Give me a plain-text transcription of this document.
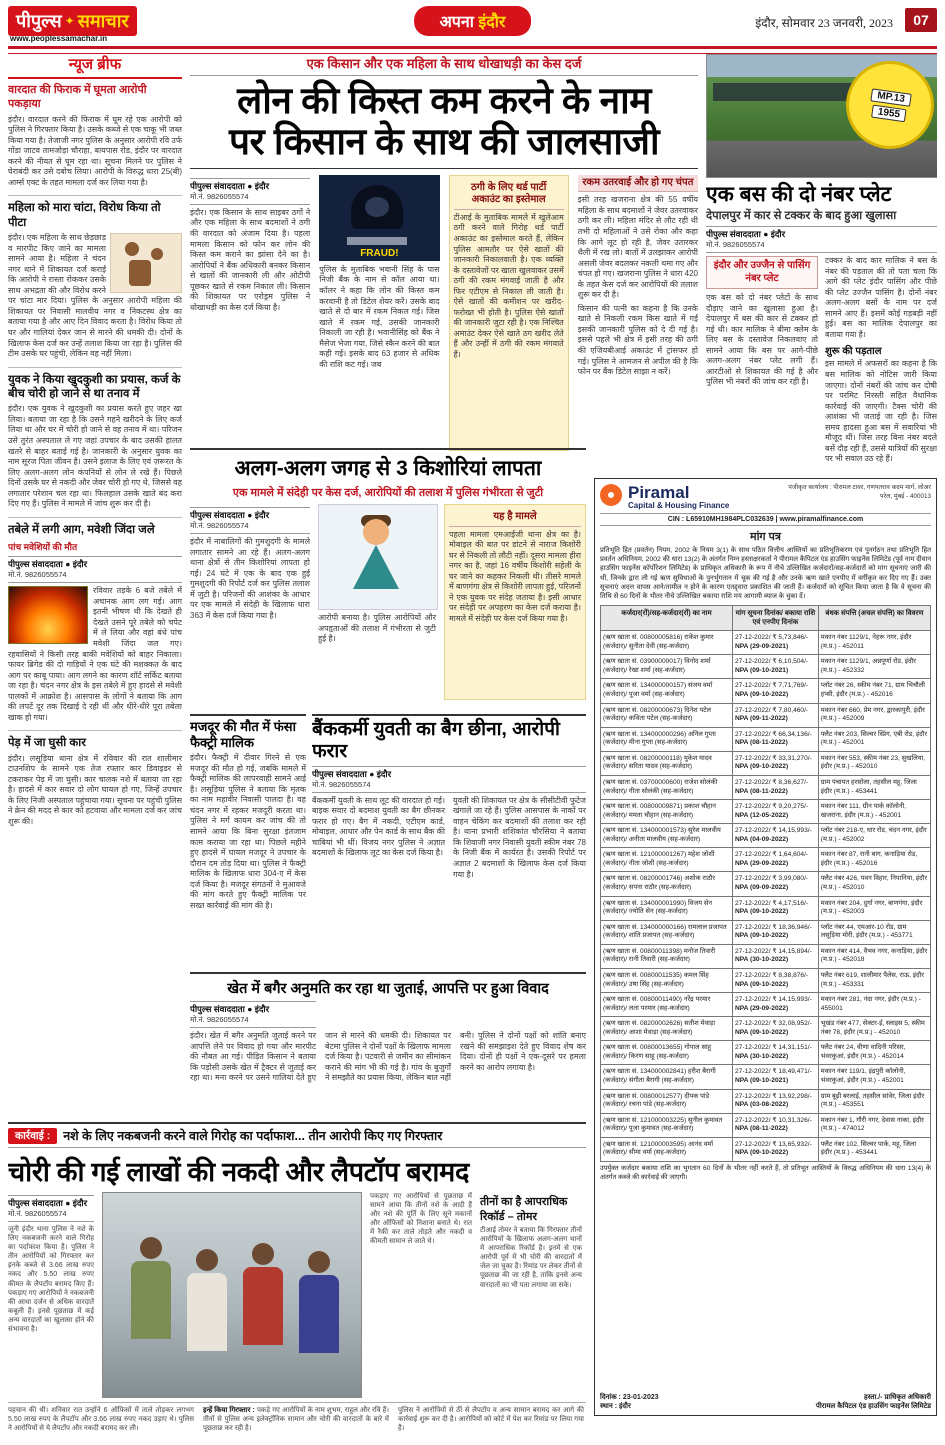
पीपुल्स ✦ समाचार
www.peoplessamachar.in
अपना इंदौर	इंदौर, सोमवार 23 जनवरी, 2023	07
न्यूज ब्रीफ
वारदात की फिराक में घूमता आरोपी पकड़ाया
इंदौर। वारदात करने की फिराक में घूम रहे एक आरोपी को पुलिस ने गिरफ्तार किया है। उसके कब्जे से एक चाकू भी जब्त किया गया है। तेजाजी नगर पुलिस के अनुसार आरोपी रवि उर्फ गोंडा जाटव तामजोड़ा चौराहा, बायपास रोड, इंदौर पर वारदात करने की नीयत से घूम रहा था। सूचना मिलने पर पुलिस ने घेराबंदी कर उसे दबोच लिया। आरोपी के विरुद्ध धारा 25(बी) आर्म्स एक्ट के तहत मामला दर्ज कर लिया गया है।
महिला को मारा चांटा, विरोध किया तो पीटा
इंदौर। एक महिला के साथ छेड़छाड़ व मारपीट किए जाने का मामला सामने आया है। महिला ने चंदन नगर थाने में शिकायत दर्ज कराई कि आरोपी ने रास्ता रोककर उसके साथ अभद्रता की और विरोध करने पर चांटा मार दिया। पुलिस के अनुसार आरोपी महिला की शिकायत पर निवासी मालवीय नगर व निकटस्थ क्षेत्र का बताया गया है और आए दिन विवाद करता है। विरोध किया तो घर और गालियां देकर जान से मारने की धमकी दी। दोनों के खिलाफ केस दर्ज कर उन्हें तलाश किया जा रहा है। पुलिस की टीम उसके घर पहुंची, लेकिन वह नहीं मिला।
युवक ने किया खुदकुशी का प्रयास, कर्ज के बीच चोरी हो जाने से था तनाव में
इंदौर। एक युवक ने खुदकुशी का प्रयास करते हुए जहर खा लिया। बताया जा रहा है कि उसने गहने खरीदने के लिए कर्ज लिया था और घर में चोरी हो जाने से वह तनाव में था। परिजन उसे तुरंत अस्पताल ले गए जहां उपचार के बाद उसकी हालत खतरे से बाहर बताई गई है। जानकारी के अनुसार युवक का नाम सूरज पिता जीवन है। उसने इलाज के लिए एवं ज़रूरत के लिए अलग-अलग लोन कंपनियों से लोन ले रखे हैं। पिछले दिनों उसके घर से नकदी और जेवर चोरी हो गए थे, जिससे वह लगातार परेशान चल रहा था। फिलहाल उसके खाते बंद करा दिए गए हैं। पुलिस ने मामले में जांच शुरू कर दी है।
तबेले में लगी आग, मवेशी जिंदा जले
पांच मवेशियों की मौत
पीपुल्स संवाददाता ● इंदौर
मो.नं. 9826055574
रविवार तड़के 6 बजे तबेले में अचानक आग लग गई। आग इतनी भीषण थी कि देखते ही देखते उसने पूरे तबेले को चपेट में ले लिया और वहां बंधे पांच मवेशी जिंदा जल गए। रहवासियों ने किसी तरह बाकी मवेशियों को बाहर निकाला। फायर ब्रिगेड की दो गाड़ियों ने एक घंटे की मशक्कत के बाद आग पर काबू पाया। आग लगने का कारण शॉर्ट सर्किट बताया जा रहा है। चंदन नगर क्षेत्र के इस तबेले में हुए हादसे से मवेशी पालकों में आक्रोश है। आसपास के लोगों ने बताया कि आग की लपटें दूर तक दिखाई दे रही थीं और धीरे-धीरे पूरा तबेला खाक हो गया।
पेड़ में जा घुसी कार
इंदौर। लसूड़िया थाना क्षेत्र में रविवार की रात शालीमार टाउनशिप के सामने एक तेज रफ्तार कार डिवाइडर से टकराकर पेड़ में जा घुसी। कार चालक नशे में बताया जा रहा है। हादसे में कार सवार दो लोग घायल हो गए, जिन्हें उपचार के लिए निजी अस्पताल पहुंचाया गया। सूचना पर पहुंची पुलिस ने क्रेन की मदद से कार को हटवाया और मामला दर्ज कर जांच शुरू की।
एक किसान और एक महिला के साथ धोखाधड़ी का केस दर्ज
लोन की किस्त कम करने के नाम
पर किसान के साथ की जालसाजी
पीपुल्स संवाददाता ● इंदौर
मो.नं. 9826055574
इंदौर। एक किसान के साथ साइबर ठगों ने और एक महिला के साथ बदमाशों ने ठगी की वारदात को अंजाम दिया है। पहला मामला किसान को फोन कर लोन की किस्त कम कराने का झांसा देने का है। आरोपियों ने बैंक अधिकारी बनकर किसान से खातों की जानकारी ली और ओटीपी पूछकर खाते से रकम निकाल ली। किसान की शिकायत पर एरोड्रम पुलिस ने धोखाधड़ी का केस दर्ज किया है।
FRAUD!
पुलिस के मुताबिक भवानी सिंह के पास निजी बैंक के नाम से कॉल आया था। कॉलर ने कहा कि लोन की किस्त कम करवानी है तो डिटेल शेयर करें। उसके बाद खाते से दो बार में रकम निकल गई। जिस खाते में रकम गई, उसकी जानकारी निकाली जा रही है। भवानीसिंह को बैंक ने मैसेज भेजा गया, जिसे स्कैन करने की बात कही गई। इसके बाद 63 हजार से अधिक की राशि कट गई। जब
ठगी के लिए थर्ड पार्टी अकाउंट का इस्तेमाल
टीआई के मुताबिक मामले में खुलेआम ठगी करने वाले गिरोह थर्ड पार्टी अकाउंट का इस्तेमाल करते हैं, लेकिन पुलिस आमतौर पर ऐसे खातों की जानकारी निकालवाती है। एक व्यक्ति के दस्तावेजों पर खाता खुलवाकर उसमें ठगी की रकम मंगवाई जाती है और फिर एटीएम से निकाल ली जाती है। ऐसे खातों की कमीशन पर खरीद-फरोख्त भी होती है। पुलिस ऐसे खातों की जानकारी जुटा रही है। एक निश्चित अमाउंट देकर ऐसे खाते ठग खरीद लेते हैं और उन्हीं में ठगी की रकम मंगवाते हैं।
रकम उतरवाई और हो गए चंपत
इसी तरह खजराना क्षेत्र की 55 वर्षीय महिला के साथ बदमाशों ने जेवर उतरवाकर ठगी कर ली। महिला मंदिर से लौट रही थी तभी दो महिलाओं ने उसे रोका और कहा कि आगे लूट हो रही है, जेवर उतारकर थैली में रख लो। बातों में उलझाकर आरोपी असली जेवर बदलकर नकली थमा गए और चंपत हो गए। खजराना पुलिस ने धारा 420 के तहत केस दर्ज कर आरोपियों की तलाश शुरू कर दी है।
किसान की पत्नी का कहना है कि उनके खाते से निकली रकम किस खाते में गई इसकी जानकारी पुलिस को दे दी गई है। इससे पहले भी क्षेत्र में इसी तरह की ठगी की एजियबीआई अकाउंट में ट्रांसफर हो गई। पुलिस ने आमजन से अपील की है कि फोन पर बैंक डिटेल साझा न करें।
MP.13
1955
एक बस की दो नंबर प्लेट
देपालपुर में कार से टक्कर के बाद हुआ खुलासा
पीपुल्स संवाददाता ● इंदौर
मो.नं. 9826055574
इंदौर और उज्जैन से पासिंग नंबर प्लेट
एक बस को दो नंबर प्लेटों के साथ दौड़ाए जाने का खुलासा हुआ है। देपालपुर में बस की कार से टक्कर हो गई थी। कार मालिक ने बीमा क्लेम के लिए बस के दस्तावेज निकलवाए तो सामने आया कि बस पर आगे-पीछे अलग-अलग नंबर प्लेट लगी हैं। आरटीओ से शिकायत की गई है और पुलिस भी नंबरों की जांच कर रही है।
टक्कर के बाद कार मालिक ने बस के नंबर की पड़ताल की तो पता चला कि आगे की प्लेट इंदौर पासिंग और पीछे की प्लेट उज्जैन पासिंग है। दोनों नंबर अलग-अलग बसों के नाम पर दर्ज सामने आए हैं। इसमें कोई गड़बड़ी नहीं हुई। बस का मालिक देपालपुर का बताया गया है।
शुरू की पड़ताल
इस मामले में अफसरों का कहना है कि बस मालिक को नोटिस जारी किया जाएगा। दोनों नंबरों की जांच कर दोषी पर परमिट निरस्ती सहित वैधानिक कार्रवाई की जाएगी। टैक्स चोरी की आशंका भी जताई जा रही है। जिस समय हादसा हुआ बस में सवारियां भी मौजूद थीं। जिस तरह बिना नंबर बदले बसें दौड़ रही हैं, उससे यात्रियों की सुरक्षा पर भी सवाल उठ रहे हैं।
अलग-अलग जगह से 3 किशोरियां लापता
एक मामले में संदेही पर केस दर्ज, आरोपियों की तलाश में पुलिस गंभीरता से जुटी
पीपुल्स संवाददाता ● इंदौर
मो.नं. 9826055574
इंदौर में नाबालिगों की गुमशुदगी के मामले लगातार सामने आ रहे हैं। अलग-अलग थाना क्षेत्रों से तीन किशोरियां लापता हो गईं। 24 घंटे में एक के बाद एक हुई गुमशुदगी की रिपोर्ट दर्ज कर पुलिस तलाश में जुटी है। परिजनों की आशंका के आधार पर एक मामले में संदेही के खिलाफ धारा 363 में केस दर्ज किया गया है।	आरोपी बनाया है। पुलिस आरोपियों और अपहृताओं की तलाश में गंभीरता से जुटी हुई है।
यह है मामले
पहला मामला एमआईजी थाना क्षेत्र का है। मोबाइल की बात पर डांटने से नाराज किशोरी घर से निकली तो लौटी नहीं। दूसरा मामला हीरा नगर का है, जहां 16 वर्षीय किशोरी सहेली के घर जाने का कहकर निकली थी। तीसरे मामले में बाणगंगा क्षेत्र से किशोरी लापता हुई, परिजनों ने एक युवक पर संदेह जताया है। इसी आधार पर संदेही पर अपहरण का केस दर्ज कराया है। मामले में संदेही पर केस दर्ज किया गया है।
मजदूर की मौत में फंसा फैक्ट्री मालिक
इंदौर। फैक्ट्री में दीवार गिरने से एक मजदूर की मौत हो गई, जबकि मामले में फैक्ट्री मालिक की लापरवाही सामने आई है। लसूड़िया पुलिस ने बताया कि मृतक का नाम महावीर निवासी पालदा है। वह चंदन नगर में रहकर मजदूरी करता था। पुलिस ने मर्ग कायम कर जांच की तो सामने आया कि बिना सुरक्षा इंतजाम काम कराया जा रहा था। पिछले महीने हुए हादसे में घायल मजदूर ने उपचार के दौरान दम तोड़ दिया था। पुलिस ने फैक्ट्री मालिक के खिलाफ धारा 304-ए में केस दर्ज किया है। मजदूर संगठनों ने मुआवजे की मांग करते हुए फैक्ट्री मालिक पर सख्त कार्रवाई की मांग की है।
बैंककर्मी युवती का बैग छीना, आरोपी फरार
पीपुल्स संवाददाता ● इंदौर
मो.नं. 9826055574
बैंककर्मी युवती के साथ लूट की वारदात हो गई। बाइक सवार दो बदमाश युवती का बैग छीनकर फरार हो गए। बैग में नकदी, एटीएम कार्ड, मोबाइल, आधार और पेन कार्ड के साथ बैंक की चाबियां भी थीं। विजय नगर पुलिस ने अज्ञात बदमाशों के खिलाफ लूट का केस दर्ज किया है।
युवती की शिकायत पर क्षेत्र के सीसीटीवी फुटेज खंगाले जा रहे हैं। पुलिस आसपास के नाकों पर वाहन चेकिंग कर बदमाशों की तलाश कर रही है। थाना प्रभारी शशिकांत चौरसिया ने बताया कि शिवाजी नगर निवासी युवती स्कीम नंबर 78 के निजी बैंक में कार्यरत है। उसकी रिपोर्ट पर अज्ञात 2 बदमाशों के खिलाफ केस दर्ज किया गया है।
खेत में बगैर अनुमति कर रहा था जुताई, आपत्ति पर हुआ विवाद
पीपुल्स संवाददाता ● इंदौर
मो.नं. 9826055574
इंदौर। खेत में बगैर अनुमति जुताई करने पर आपत्ति लेने पर विवाद हो गया और मारपीट की नौबत आ गई। पीड़ित किसान ने बताया कि पड़ोसी उसके खेत में ट्रैक्टर से जुताई कर रहा था। मना करने पर उसने गालियां देते हुए जान से मारने की धमकी दी। शिकायत पर बेटमा पुलिस ने दोनों पक्षों के खिलाफ मामला दर्ज किया है। पटवारी से जमीन का सीमांकन कराने की मांग भी की गई है। गांव के बुजुर्गों ने समझौते का प्रयास किया, लेकिन बात नहीं बनी। पुलिस ने दोनों पक्षों को शांति बनाए रखने की समझाइश देते हुए विवाद शेष कर दिया। दोनों ही पक्षों ने एक-दूसरे पर हमला करने का आरोप लगाया है।
कार्रवाई :	नशे के लिए नकबजनी करने वाले गिरोह का पर्दाफाश... तीन आरोपी किए गए गिरफ्तार
चोरी की गई लाखों की नकदी और लैपटॉप बरामद
पीपुल्स संवाददाता ● इंदौर
मो.नं. 9826055574
जूनी इंदौर थाना पुलिस ने नशे के लिए नकबजनी करने वाले गिरोह का पर्दाफाश किया है। पुलिस ने तीन आरोपियों को गिरफ्तार कर इनके कब्जे से 3.66 लाख रुपए नकद और 5.50 लाख रुपए कीमत के लैपटॉप बरामद किए हैं। पकड़ाए गए आरोपियों ने नकबजनी की आधा दर्जन से अधिक वारदातें कबूली हैं। इनसे पूछताछ में कई अन्य वारदातों का खुलासा होने की संभावना है।
पकड़ाए गए आरोपियों से पूछताछ में सामने आया कि तीनों नशे के आदी हैं और नशे की पूर्ति के लिए सूने मकानों और ऑफिसों को निशाना बनाते थे। रात में रैकी कर ताले तोड़ते और नकदी व कीमती सामान ले जाते थे।
तीनों का है आपराधिक रिकॉर्ड – तोमर
टीआई तोमर ने बताया कि गिरफ्तार तीनों आरोपियों के खिलाफ अलग-अलग थानों में आपराधिक रिकॉर्ड है। इनमें से एक आरोपी पूर्व में भी चोरी की वारदातों में जेल जा चुका है। रिमांड पर लेकर तीनों से पूछताछ की जा रही है, ताकि इनसे अन्य वारदातों का भी पता लगाया जा सके।
पहचान की थी। शनिवार रात उन्होंने 6 ऑफिसों में ताले तोड़कर लगभग 5.50 लाख रुपए के लैपटॉप और 3.66 लाख रुपए नकद उड़ाए थे। पुलिस ने आरोपियों से ये लैपटॉप और नकदी बरामद कर ली।
इन्हें किया गिरफ्तार : पकड़े गए आरोपियों के नाम शुभम, राहुल और रवि हैं। तीनों से पुलिस अन्य इलेक्ट्रॉनिक सामान और चोरी की वारदातों के बारे में पूछताछ कर रही है।
पुलिस ने आरोपियों से ठीं से लैपटॉप व अन्य सामान बरामद कर आगे की कार्रवाई शुरू कर दी है। आरोपियों को कोर्ट में पेश कर रिमांड पर लिया गया है।
Piramal
Capital & Housing Finance
पंजीकृत कार्यालय : पीरामल टावर, गणपतराव कदम मार्ग, लोअर परेल, मुंबई - 400013
CIN : L65910MH1984PLC032639 | www.piramalfinance.com
मांग पत्र
प्रतिभूति हित (प्रवर्तन) नियम, 2002 के नियम 3(1) के साथ पठित वित्तीय आस्तियों का प्रतिभूतिकरण एवं पुनर्गठन तथा प्रतिभूति हित प्रवर्तन अधिनियम, 2002 की धारा 13(2) के अंतर्गत निम्न हस्ताक्षरकर्ता ने पीरामल कैपिटल एंड हाउसिंग फाइनेंस लिमिटेड (पूर्व नाम दीवान हाउसिंग फाइनेंस कॉर्पोरेशन लिमिटेड) के प्राधिकृत अधिकारी के रूप में नीचे उल्लिखित कर्जदारों/सह-कर्जदारों को मांग सूचनाएं जारी की थीं, जिनके द्वारा ली गई ऋण सुविधाओं के पुनर्भुगतान में चूक की गई है और उनके ऋण खाते एनपीए में वर्गीकृत कर दिए गए हैं। उक्त सूचनाएं अदत्त वापस आने/तामील न होने के कारण एतद्द्वारा प्रकाशित की जाती हैं। कर्जदारों को सूचित किया जाता है कि वे सूचना की तिथि से 60 दिनों के भीतर नीचे उल्लिखित बकाया राशि मय आगामी ब्याज के चुका दें।
कर्जदार(रों)/सह-कर्जदार(रों) का नाम	मांग सूचना दिनांक/ बकाया राशि एवं एनपीए दिनांक	बंधक संपत्ति (अचल संपत्ति) का विवरण
(ऋण खाता सं. 00800005816) राकेश कुमार (कर्जदार)/ सुनीता देवी (सह-कर्जदार)	27-12-2022/ ₹ 5,73,846/-
NPA (29-09-2021)	मकान नंबर 1129/1, नेहरू नगर, इंदौर (म.प्र.) - 452011
(ऋण खाता सं. 03900000017) विनोद शर्मा (कर्जदार)/ रेखा शर्मा (सह-कर्जदार)	27-12-2022/ ₹ 6,10,504/-
NPA (09-10-2021)	मकान नंबर 1129/1, अन्नपूर्णा रोड, इंदौर (म.प्र.) - 452332
(ऋण खाता सं. 134000000157) संजय वर्मा (कर्जदार)/ पूजा वर्मा (सह-कर्जदार)	27-12-2022/ ₹ 7,71,769/-
NPA (09-10-2022)	प्लॉट नंबर 26, स्कीम नंबर 71, ग्राम भिचौली हप्सी, इंदौर (म.प्र.) - 452016
(ऋण खाता सं. 08200000673) दिनेश पटेल (कर्जदार)/ कविता पटेल (सह-कर्जदार)	27-12-2022/ ₹ 7,80,460/-
NPA (09-11-2022)	मकान नंबर 660, प्रेम नगर, द्वारकापुरी, इंदौर (म.प्र.) - 452009
(ऋण खाता सं. 134000000296) अनिल गुप्ता (कर्जदार)/ मीना गुप्ता (सह-कर्जदार)	27-12-2022/ ₹ 66,34,136/-
NPA (08-11-2022)	फ्लैट नंबर 203, सिल्वर स्प्रिंग, एबी रोड, इंदौर (म.प्र.) - 452001
(ऋण खाता सं. 08200000118) मुकेश यादव (कर्जदार)/ सरिता यादव (सह-कर्जदार)	27-12-2022/ ₹ 33,31,270/-
NPA (09-10-2022)	मकान नंबर 553, स्कीम नंबर 23, सुखलिया, इंदौर (म.प्र.) - 452010
(ऋण खाता सं. 03700000600) राजेश सोलंकी (कर्जदार)/ गीता सोलंकी (सह-कर्जदार)	27-12-2022/ ₹ 8,36,627/-
NPA (08-11-2022)	ग्राम पंचायत हरसोला, तहसील महू, जिला इंदौर (म.प्र.) - 453441
(ऋण खाता सं. 00800009871) प्रकाश चौहान (कर्जदार)/ ममता चौहान (सह-कर्जदार)	27-12-2022/ ₹ 9,20,275/-
NPA (12-05-2022)	मकान नंबर 111, ग्रीन पार्क कॉलोनी, खजराना, इंदौर (म.प्र.) - 452001
(ऋण खाता सं. 134000001573) सुरेश मालवीय (कर्जदार)/ अनीता मालवीय (सह-कर्जदार)	27-12-2022/ ₹ 14,15,993/-
NPA (04-09-2022)	प्लॉट नंबर 218-ए, धार रोड, चंदन नगर, इंदौर (म.प्र.) - 452002
(ऋण खाता सं. 121000001267) महेश जोशी (कर्जदार)/ नीता जोशी (सह-कर्जदार)	27-12-2022/ ₹ 1,64,604/-
NPA (29-09-2022)	मकान नंबर 87, रानी बाग, कनाड़िया रोड, इंदौर (म.प्र.) - 452016
(ऋण खाता सं. 08200001746) अशोक राठौर (कर्जदार)/ सपना राठौर (सह-कर्जदार)	27-12-2022/ ₹ 3,99,080/-
NPA (09-09-2022)	फ्लैट नंबर 426, पवन विहार, निपानिया, इंदौर (म.प्र.) - 452010
(ऋण खाता सं. 134000001990) विजय सेन (कर्जदार)/ ज्योति सेन (सह-कर्जदार)	27-12-2022/ ₹ 4,17,516/-
NPA (09-10-2022)	मकान नंबर 204, दुर्गा नगर, बाणगंगा, इंदौर (म.प्र.) - 452003
(ऋण खाता सं. 134000000166) रामलाल प्रजापत (कर्जदार)/ शांति प्रजापत (सह-कर्जदार)	27-12-2022/ ₹ 18,36,946/-
NPA (09-10-2022)	प्लॉट नंबर 44, एमआर-10 रोड, ग्राम लसूड़िया मोरी, इंदौर (म.प्र.) - 453771
(ऋण खाता सं. 00800011398) मनोज तिवारी (कर्जदार)/ रानी तिवारी (सह-कर्जदार)	27-12-2022/ ₹ 14,15,894/-
NPA (30-10-2022)	मकान नंबर 414, वैभव नगर, कनाड़िया, इंदौर (म.प्र.) - 452018
(ऋण खाता सं. 00800011535) कमल सिंह (कर्जदार)/ उषा सिंह (सह-कर्जदार)	27-12-2022/ ₹ 8,38,876/-
NPA (09-10-2022)	फ्लैट नंबर 619, शालीमार पैलेस, राऊ, इंदौर (म.प्र.) - 453331
(ऋण खाता सं. 00800011490) नरेंद्र परमार (कर्जदार)/ लता परमार (सह-कर्जदार)	27-12-2022/ ₹ 14,15,993/-
NPA (29-09-2022)	मकान नंबर 281, नंदा नगर, इंदौर (म.प्र.) - 455001
(ऋण खाता सं. 08200002626) सतीश मेवाड़ा (कर्जदार)/ आशा मेवाड़ा (सह-कर्जदार)	27-12-2022/ ₹ 32,08,952/-
NPA (09-10-2022)	भूखंड नंबर 477, सेक्टर-ई, स्लाइस 5, स्कीम नंबर 78, इंदौर (म.प्र.) - 452010
(ऋण खाता सं. 00800013655) गोपाल साहू (कर्जदार)/ किरण साहू (सह-कर्जदार)	27-12-2022/ ₹ 14,31,151/-
NPA (30-10-2022)	फ्लैट नंबर 24, वीणा वादिनी परिसर, भंवरकुआं, इंदौर (म.प्र.) - 452014
(ऋण खाता सं. 134000002841) हरीश बैरागी (कर्जदार)/ संगीता बैरागी (सह-कर्जदार)	27-12-2022/ ₹ 18,49,471/-
NPA (09-10-2021)	मकान नंबर 119/1, इंद्रपुरी कॉलोनी, भंवरकुआं, इंदौर (म.प्र.) - 452001
(ऋण खाता सं. 00800012577) दीपक पांडे (कर्जदार)/ रचना पांडे (सह-कर्जदार)	27-12-2022/ ₹ 13,92,298/-
NPA (03-08-2022)	ग्राम बूढ़ी बरलाई, तहसील सांवेर, जिला इंदौर (म.प्र.) - 453551
(ऋण खाता सं. 121000003225) सुनील कुमावत (कर्जदार)/ पूजा कुमावत (सह-कर्जदार)	27-12-2022/ ₹ 10,31,326/-
NPA (08-11-2022)	मकान नंबर 1, गौरी नगर, देवास नाका, इंदौर (म.प्र.) - 474012
(ऋण खाता सं. 121000003595) आनंद वर्मा (कर्जदार)/ सीमा वर्मा (सह-कर्जदार)	27-12-2022/ ₹ 13,65,932/-
NPA (09-10-2022)	फ्लैट नंबर 102, सिल्वर पार्क, महू, जिला इंदौर (म.प्र.) - 453441
उपर्युक्त कर्जदार बकाया राशि का भुगतान 60 दिनों के भीतर नहीं करते हैं, तो प्रतिभूत आस्तियों के विरुद्ध अधिनियम की धारा 13(4) के अंतर्गत कब्जे की कार्रवाई की जाएगी।
दिनांक : 23-01-2023
स्थान : इंदौर
हस्ता./- प्राधिकृत अधिकारी
पीरामल कैपिटल एंड हाउसिंग फाइनेंस लिमिटेड
